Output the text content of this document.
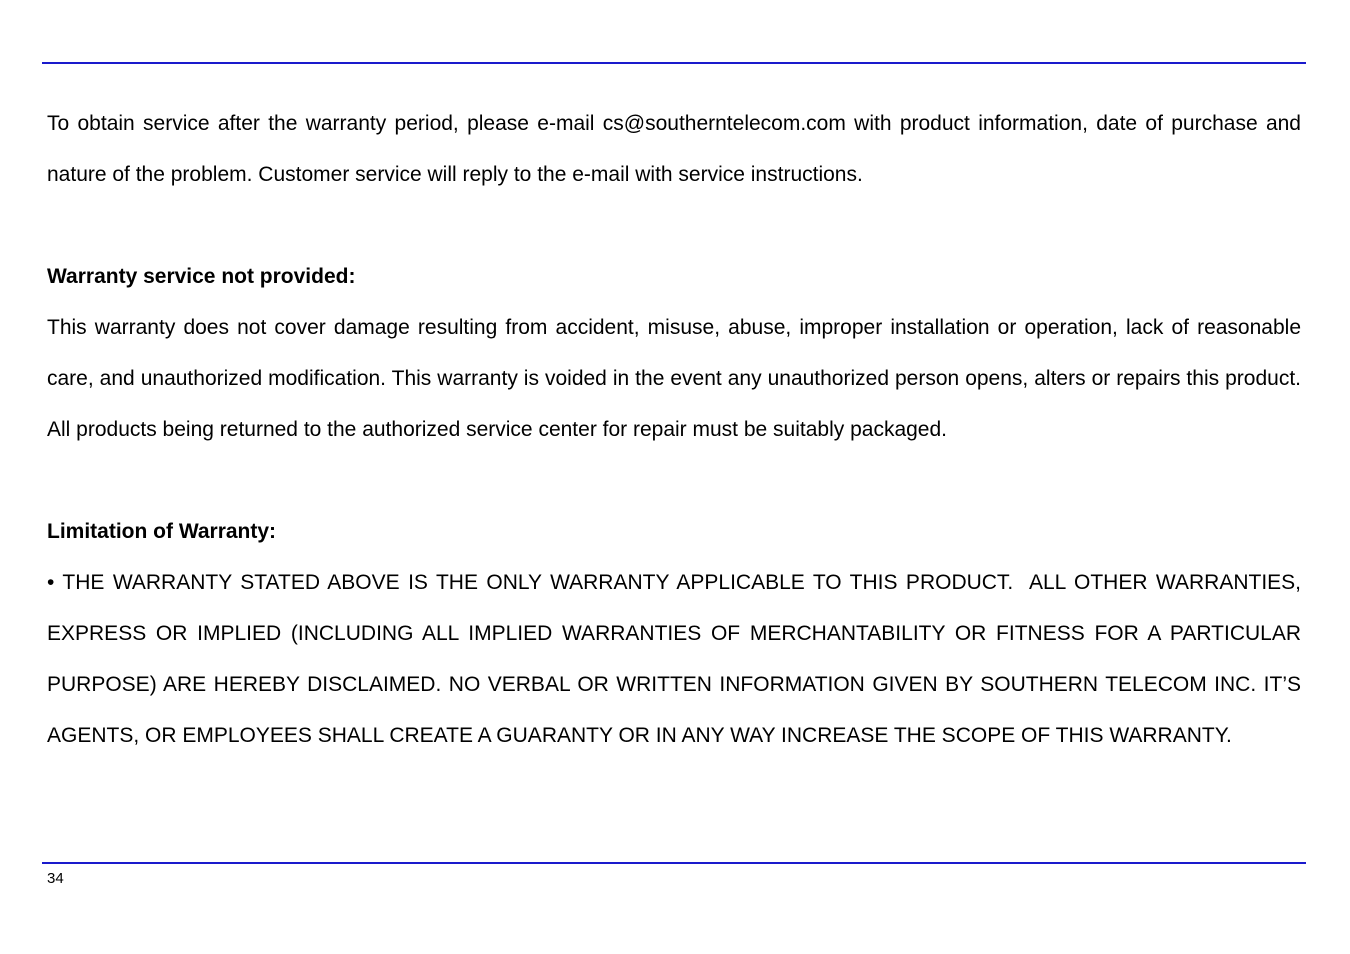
To obtain service after the warranty period, please e-mail cs@southerntelecom.com with product information, date of purchase and nature of the problem. Customer service will reply to the e-mail with service instructions.

Warranty service not provided:

This warranty does not cover damage resulting from accident, misuse, abuse, improper installation or operation, lack of reasonable care, and unauthorized modification. This warranty is voided in the event any unauthorized person opens, alters or repairs this product. All products being returned to the authorized service center for repair must be suitably packaged.

Limitation of Warranty:

• THE WARRANTY STATED ABOVE IS THE ONLY WARRANTY APPLICABLE TO THIS PRODUCT.  ALL OTHER WARRANTIES, EXPRESS OR IMPLIED (INCLUDING ALL IMPLIED WARRANTIES OF MERCHANTABILITY OR FITNESS FOR A PARTICULAR PURPOSE) ARE HEREBY DISCLAIMED. NO VERBAL OR WRITTEN INFORMATION GIVEN BY SOUTHERN TELECOM INC. IT’S AGENTS, OR EMPLOYEES SHALL CREATE A GUARANTY OR IN ANY WAY INCREASE THE SCOPE OF THIS WARRANTY.

34
